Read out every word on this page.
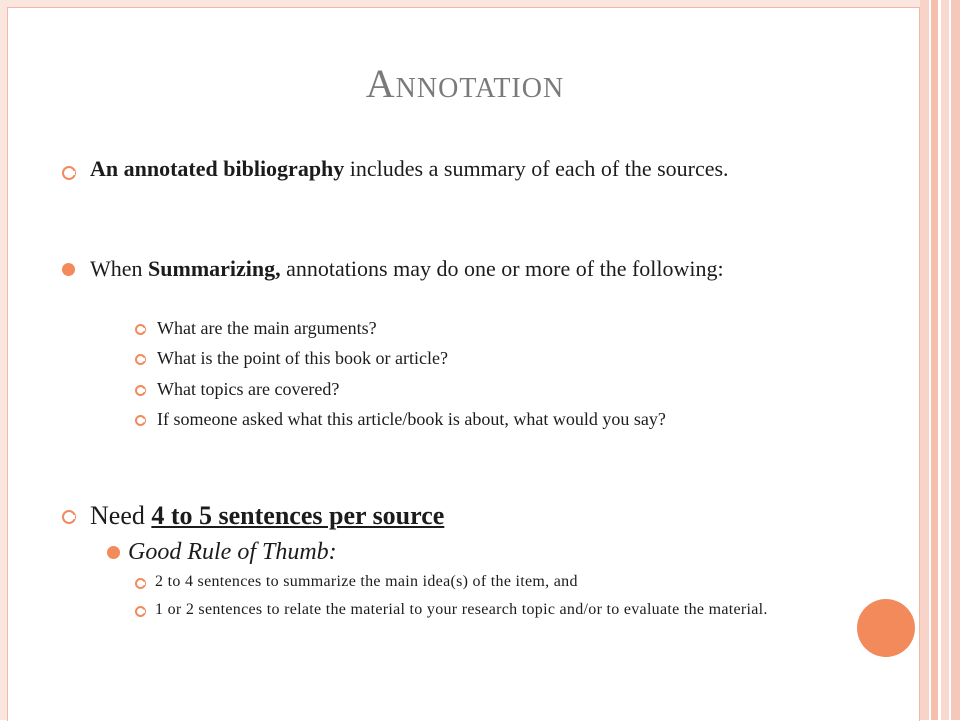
Annotation
An annotated bibliography includes a summary of each of the sources.
When Summarizing, annotations may do one or more of the following:
What are the main arguments?
What is the point of this book or article?
What topics are covered?
If someone asked what this article/book is about, what would you say?
Need 4 to 5 sentences per source
Good Rule of Thumb:
2 to 4 sentences to summarize the main idea(s) of the item, and
1 or 2 sentences to relate the material to your research topic and/or to evaluate the material.
